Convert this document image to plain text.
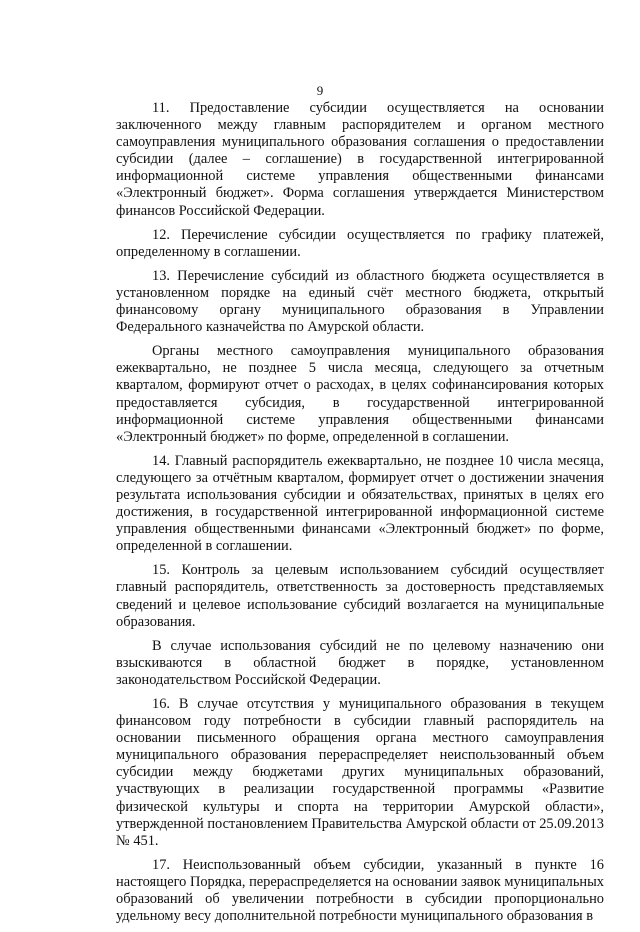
9

11. Предоставление субсидии осуществляется на основании заключенного между главным распорядителем и органом местного самоуправления муниципального образования соглашения о предоставлении субсидии (далее – соглашение) в государственной интегрированной информационной системе управления общественными финансами «Электронный бюджет». Форма соглашения утверждается Министерством финансов Российской Федерации.

12. Перечисление субсидии осуществляется по графику платежей, определенному в соглашении.

13. Перечисление субсидий из областного бюджета осуществляется в установленном порядке на единый счёт местного бюджета, открытый финансовому органу муниципального образования в Управлении Федерального казначейства по Амурской области.

Органы местного самоуправления муниципального образования ежеквартально, не позднее 5 числа месяца, следующего за отчетным кварталом, формируют отчет о расходах, в целях софинансирования которых предоставляется субсидия, в государственной интегрированной информационной системе управления общественными финансами «Электронный бюджет» по форме, определенной в соглашении.

14. Главный распорядитель ежеквартально, не позднее 10 числа месяца, следующего за отчётным кварталом, формирует отчет о достижении значения результата использования субсидии и обязательствах, принятых в целях его достижения, в государственной интегрированной информационной системе управления общественными финансами «Электронный бюджет» по форме, определенной в соглашении.

15. Контроль за целевым использованием субсидий осуществляет главный распорядитель, ответственность за достоверность представляемых сведений и целевое использование субсидий возлагается на муниципальные образования.

В случае использования субсидий не по целевому назначению они взыскиваются в областной бюджет в порядке, установленном законодательством Российской Федерации.

16. В случае отсутствия у муниципального образования в текущем финансовом году потребности в субсидии главный распорядитель на основании письменного обращения органа местного самоуправления муниципального образования перераспределяет неиспользованный объем субсидии между бюджетами других муниципальных образований, участвующих в реализации государственной программы «Развитие физической культуры и спорта на территории Амурской области», утвержденной постановлением Правительства Амурской области от 25.09.2013 № 451.

17. Неиспользованный объем субсидии, указанный в пункте 16 настоящего Порядка, перераспределяется на основании заявок муниципальных образований об увеличении потребности в субсидии пропорционально удельному весу дополнительной потребности муниципального образования в
